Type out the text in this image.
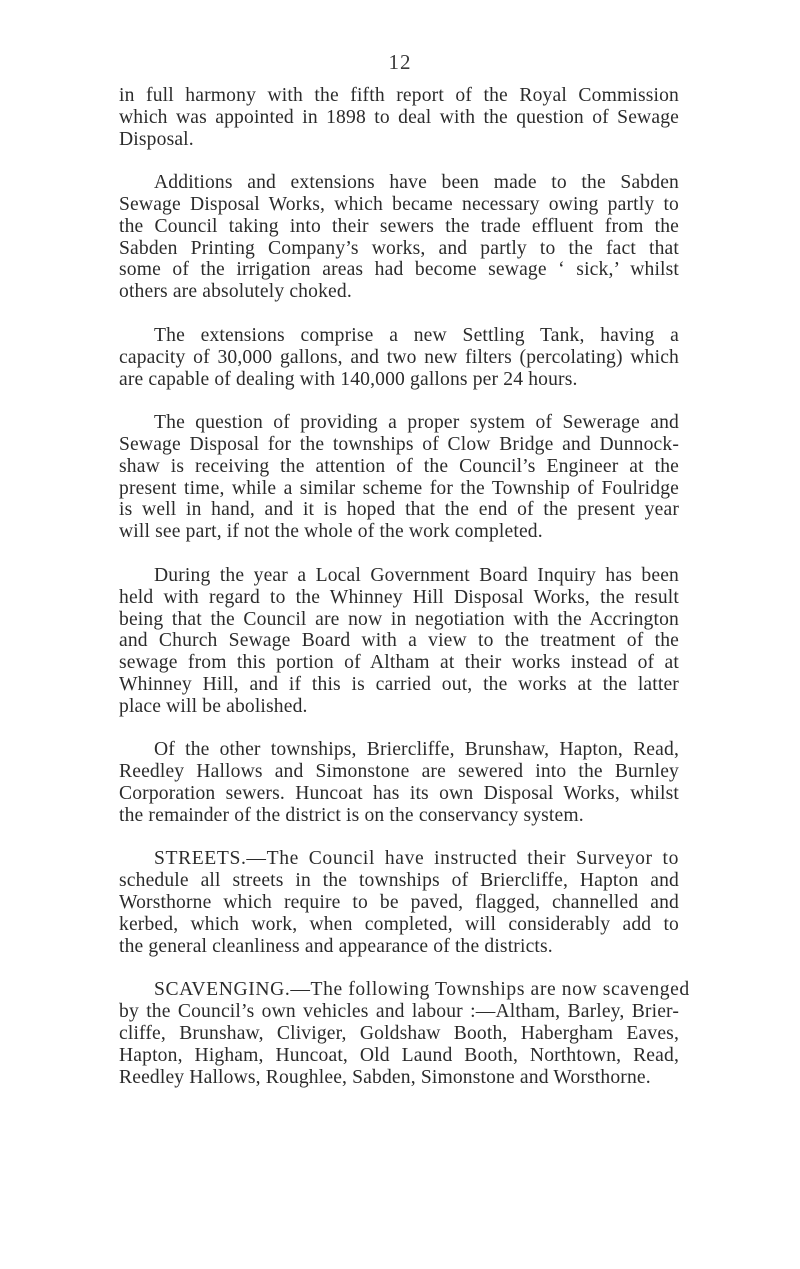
12

in full harmony with the fifth report of the Royal Commission
which was appointed in 1898 to deal with the question of Sewage
Disposal.

Additions and extensions have been made to the Sabden
Sewage Disposal Works, which became necessary owing partly to
the Council taking into their sewers the trade effluent from the
Sabden Printing Company’s works, and partly to the fact that
some of the irrigation areas had become sewage ‘ sick,’ whilst
others are absolutely choked.

The extensions comprise a new Settling Tank, having a
capacity of 30,000 gallons, and two new filters (percolating) which
are capable of dealing with 140,000 gallons per 24 hours.

The question of providing a proper system of Sewerage and
Sewage Disposal for the townships of Clow Bridge and Dunnock-
shaw is receiving the attention of the Council’s Engineer at the
present time, while a similar scheme for the Township of Foulridge
is well in hand, and it is hoped that the end of the present year
will see part, if not the whole of the work completed.

During the year a Local Government Board Inquiry has been
held with regard to the Whinney Hill Disposal Works, the result
being that the Council are now in negotiation with the Accrington
and Church Sewage Board with a view to the treatment of the
sewage from this portion of Altham at their works instead of at
Whinney Hill, and if this is carried out, the works at the latter
place will be abolished.

Of the other townships, Briercliffe, Brunshaw, Hapton, Read,
Reedley Hallows and Simonstone are sewered into the Burnley
Corporation sewers. Huncoat has its own Disposal Works, whilst
the remainder of the district is on the conservancy system.

STREETS.—The Council have instructed their Surveyor to
schedule all streets in the townships of Briercliffe, Hapton and
Worsthorne which require to be paved, flagged, channelled and
kerbed, which work, when completed, will considerably add to
the general cleanliness and appearance of the districts.

SCAVENGING.—The following Townships are now scavenged
by the Council’s own vehicles and labour :—Altham, Barley, Brier-
cliffe, Brunshaw, Cliviger, Goldshaw Booth, Habergham Eaves,
Hapton, Higham, Huncoat, Old Laund Booth, Northtown, Read,
Reedley Hallows, Roughlee, Sabden, Simonstone and Worsthorne.
